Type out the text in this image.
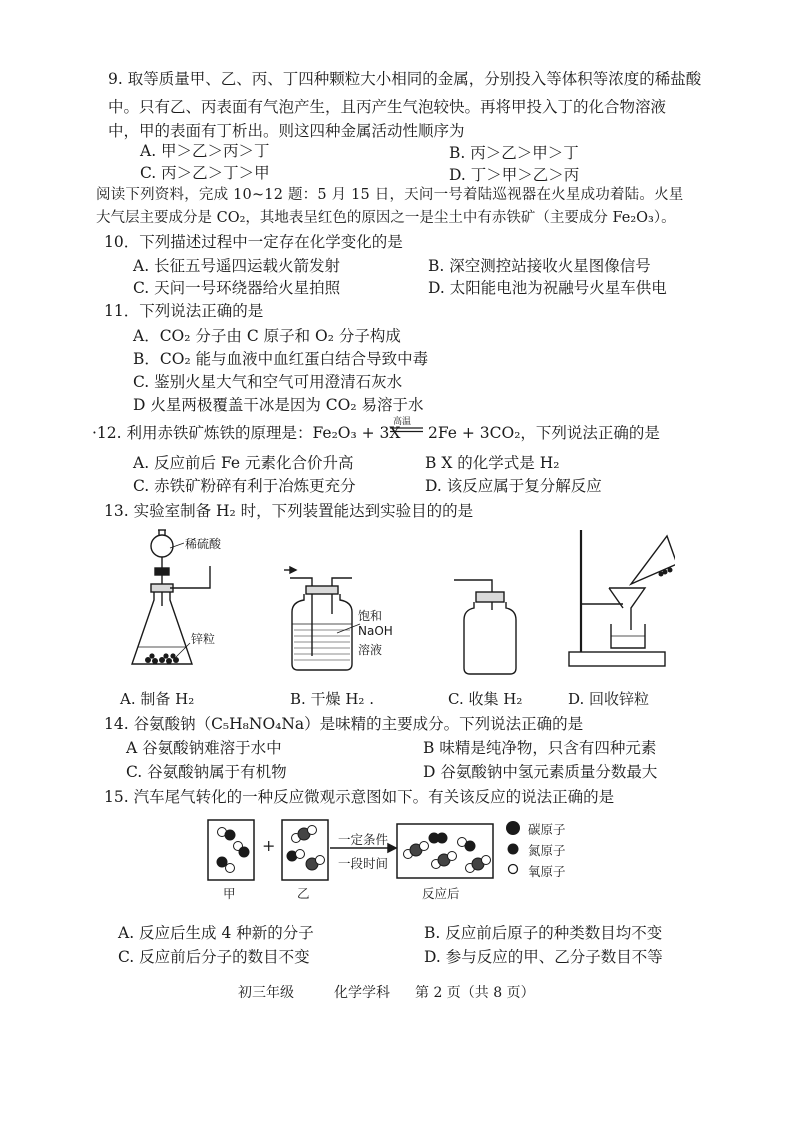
9. 取等质量甲、乙、丙、丁四种颗粒大小相同的金属，分别投入等体积等浓度的稀盐酸
中。只有乙、丙表面有气泡产生，且丙产生气泡较快。再将甲投入丁的化合物溶液
中，甲的表面有丁析出。则这四种金属活动性顺序为
A. 甲＞乙＞丙＞丁	B. 丙＞乙＞甲＞丁
C. 丙＞乙＞丁＞甲	D. 丁＞甲＞乙＞丙
阅读下列资料，完成 10~12 题：5 月 15 日，天问一号着陆巡视器在火星成功着陆。火星
大气层主要成分是 CO₂，其地表呈红色的原因之一是尘土中有赤铁矿（主要成分 Fe₂O₃）。
10．下列描述过程中一定存在化学变化的是
A. 长征五号遥四运载火箭发射	B. 深空测控站接收火星图像信号
C. 天问一号环绕器给火星拍照	D. 太阳能电池为祝融号火星车供电
11．下列说法正确的是
A．CO₂ 分子由 C 原子和 O₂ 分子构成
B．CO₂ 能与血液中血红蛋白结合导致中毒
C. 鉴别火星大气和空气可用澄清石灰水
D 火星两极覆盖干冰是因为 CO₂ 易溶于水
·12. 利用赤铁矿炼铁的原理是：Fe₂O₃ + 3X
高温
2Fe + 3CO₂，下列说法正确的是
A. 反应前后 Fe 元素化合价升高	B X 的化学式是 H₂
C. 赤铁矿粉碎有利于冶炼更充分	D. 该反应属于复分解反应
13. 实验室制备 H₂ 时，下列装置能达到实验目的的是
稀硫酸
锌粒
饱和
NaOH
溶液
A. 制备 H₂	B. 干燥 H₂ .	C. 收集 H₂	D. 回收锌粒
14. 谷氨酸钠（C₅H₈NO₄Na）是味精的主要成分。下列说法正确的是
A 谷氨酸钠难溶于水中	B 味精是纯净物，只含有四种元素
C. 谷氨酸钠属于有机物	D 谷氨酸钠中氢元素质量分数最大
15. 汽车尾气转化的一种反应微观示意图如下。有关该反应的说法正确的是
+	一定条件
一段时间
甲	乙	反应后
碳原子
氮原子
氧原子
A. 反应后生成 4 种新的分子	B. 反应前后原子的种类数目均不变
C. 反应前后分子的数目不变	D. 参与反应的甲、乙分子数目不等
初三年级	化学学科 第 2 页（共 8 页）
